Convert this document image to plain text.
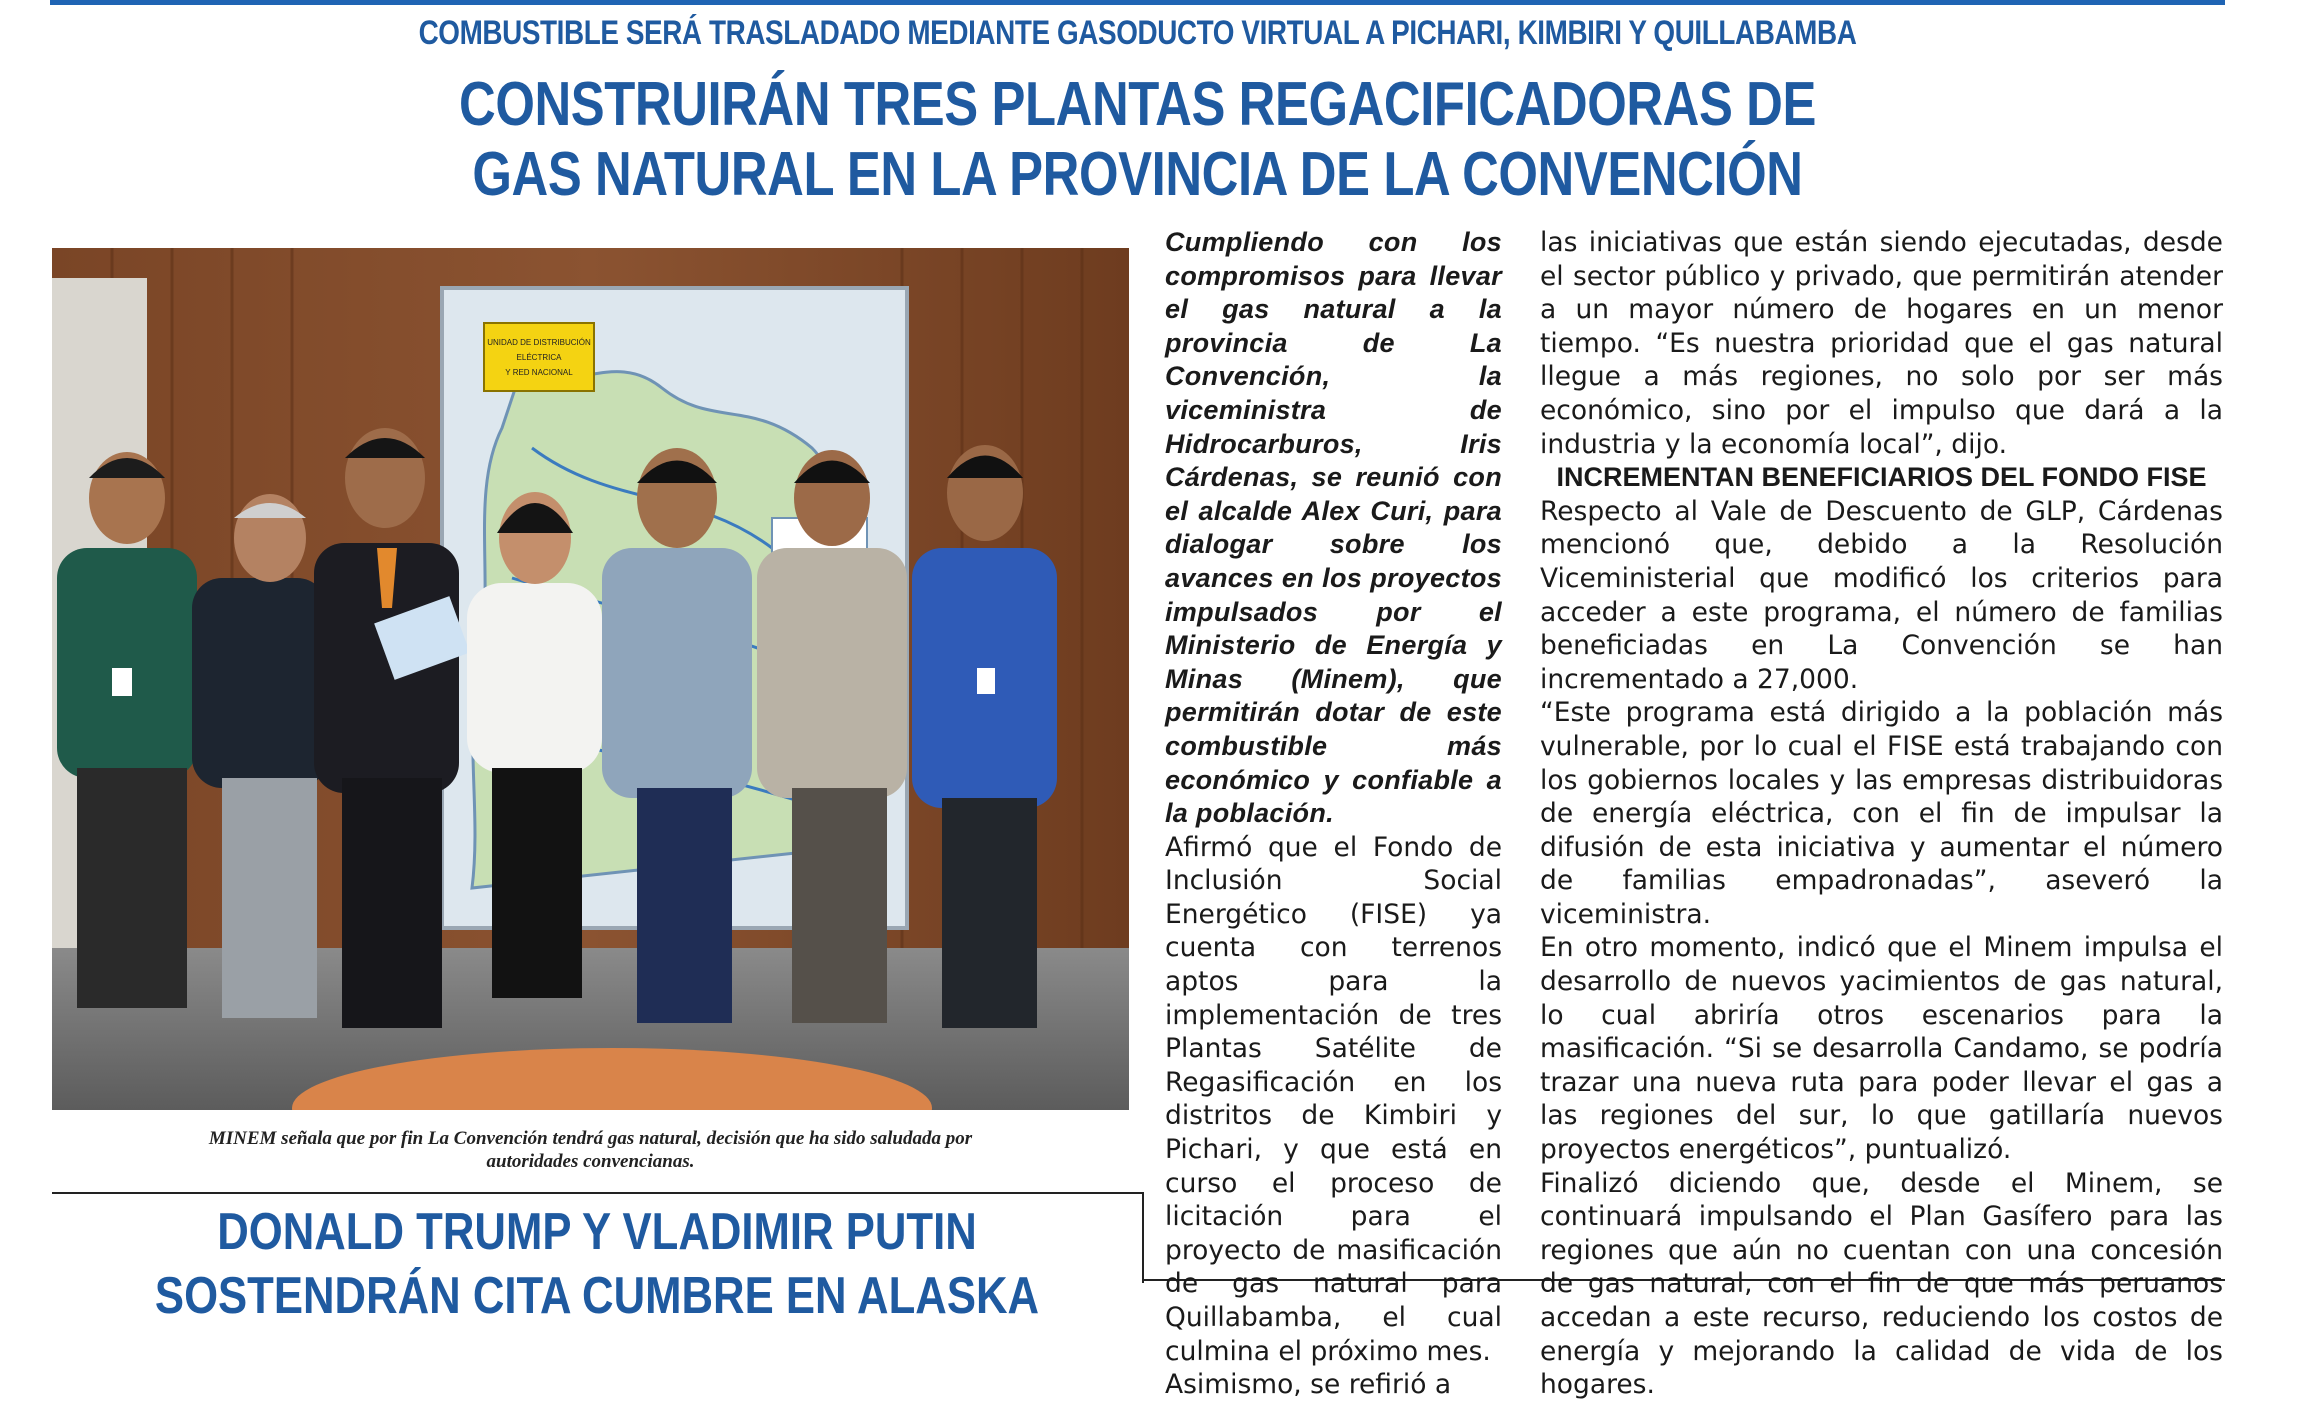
COMBUSTIBLE SERÁ TRASLADADO MEDIANTE GASODUCTO VIRTUAL A PICHARI, KIMBIRI Y QUILLABAMBA
CONSTRUIRÁN TRES PLANTAS REGACIFICADORAS DE
GAS NATURAL EN LA PROVINCIA DE LA CONVENCIÓN
UNIDAD DE DISTRIBUCIÓN
ELÉCTRICA
Y RED NACIONAL
MINEM señala que por fin La Convención tendrá gas natural, decisión que ha sido saludada por
autoridades convencianas.

Cumpliendo con los compromisos para llevar el gas natural a la provincia de La Convención, la viceministra de Hidrocarburos, Iris Cárdenas, se reunió con el alcalde Alex Curi, para dialogar sobre los avances en los proyectos impulsados por el Ministerio de Energía y Minas (Minem), que permitirán dotar de este combustible más económico y confiable a la población.

Afirmó que el Fondo de Inclusión Social Energético (FISE) ya cuenta con terrenos aptos para la implementación de tres Plantas Satélite de Regasificación en los distritos de Kimbiri y Pichari, y que está en curso el proceso de licitación para el proyecto de masificación de gas natural para Quillabamba, el cual culmina el próximo mes.

Asimismo, se refirió a

las iniciativas que están siendo ejecutadas, desde el sector público y privado, que permitirán atender a un mayor número de hogares en un menor tiempo. “Es nuestra prioridad que el gas natural llegue a más regiones, no solo por ser más económico, sino por el impulso que dará a la industria y la economía local”, dijo.

INCREMENTAN BENEFICIARIOS DEL FONDO FISE

Respecto al Vale de Descuento de GLP, Cárdenas mencionó que, debido a la Resolución Viceministerial que modificó los criterios para acceder a este programa, el número de familias beneficiadas en La Convención se han incrementado a 27,000.

“Este programa está dirigido a la población más vulnerable, por lo cual el FISE está trabajando con los gobiernos locales y las empresas distribuidoras de energía eléctrica, con el fin de impulsar la difusión de esta iniciativa y aumentar el número de familias empadronadas”, aseveró la viceministra.

En otro momento, indicó que el Minem impulsa el desarrollo de nuevos yacimientos de gas natural, lo cual abriría otros escenarios para la masificación. “Si se desarrolla Candamo, se podría trazar una nueva ruta para poder llevar el gas a las regiones del sur, lo que gatillaría nuevos proyectos energéticos”, puntualizó.

Finalizó diciendo que, desde el Minem, se continuará impulsando el Plan Gasífero para las regiones que aún no cuentan con una concesión de gas natural, con el fin de que más peruanos accedan a este recurso, reduciendo los costos de energía y mejorando la calidad de vida de los hogares.

DONALD TRUMP Y VLADIMIR PUTIN
SOSTENDRÁN CITA CUMBRE EN ALASKA
